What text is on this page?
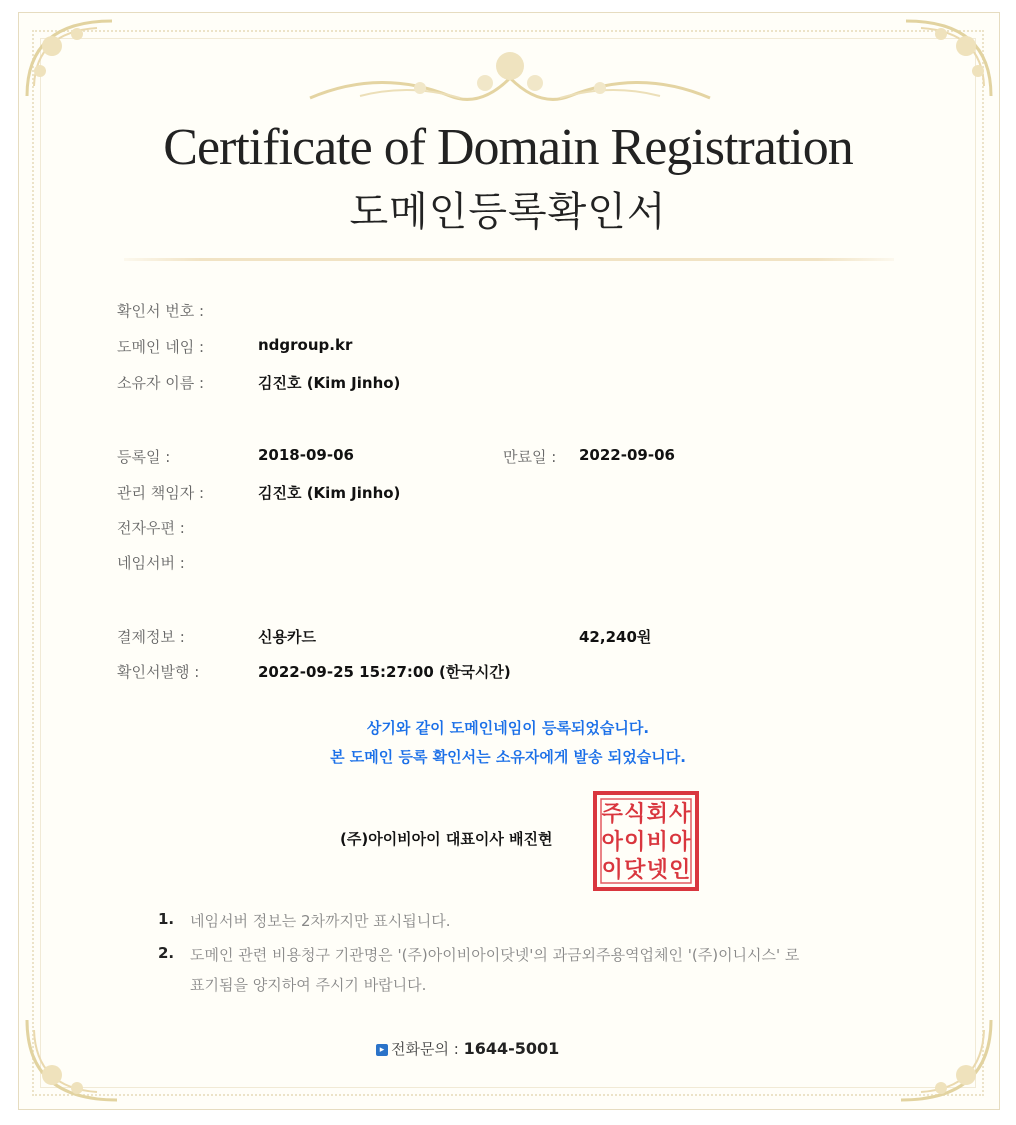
Certificate of Domain Registration
도메인등록확인서
확인서 번호 :
도메인 네임 :	ndgroup.kr
소유자 이름 :	김진호 (Kim Jinho)
등록일 :	2018-09-06	만료일 : 2022-09-06
관리 책임자 :	김진호 (Kim Jinho)
전자우편 :
네임서버 :
결제정보 :	신용카드	42,240원
확인서발행 :	2022-09-25 15:27:00 (한국시간)
상기와 같이 도메인네임이 등록되었습니다.
본 도메인 등록 확인서는 소유자에게 발송 되었습니다.
(주)아이비아이 대표이사 배진현
주 식 회 사
아 이 비 아
이 닷 넷 인
1. 네임서버 정보는 2차까지만 표시됩니다.
2. 도메인 관련 비용청구 기관명은 '(주)아이비아이닷넷'의 과금외주용역업체인 '(주)이니시스' 로
표기됨을 양지하여 주시기 바랍니다.
▸ 전화문의 : 1644-5001
